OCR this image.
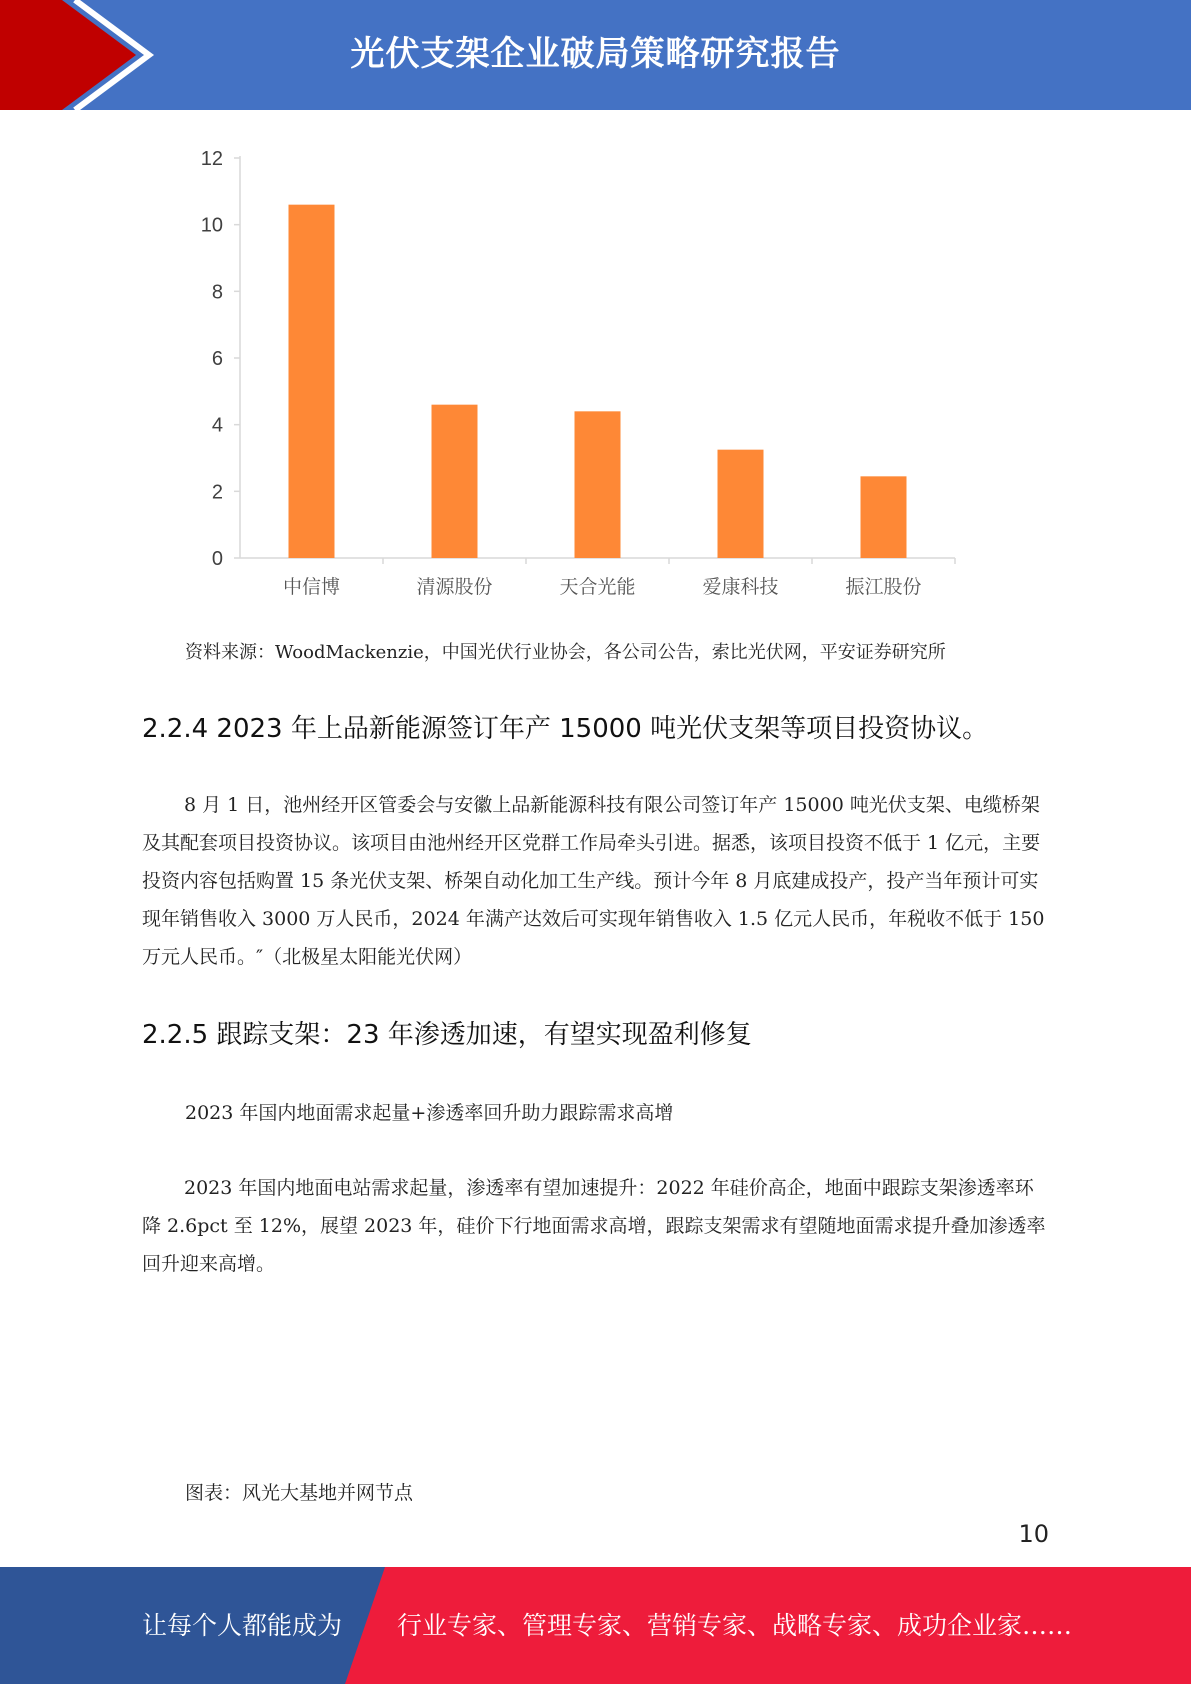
光伏支架企业破局策略研究报告
0
2
4
6
8
10
12
中信博	清源股份	天合光能	爱康科技	振江股份
资料来源：WoodMackenzie，中国光伏行业协会，各公司公告，索比光伏网，平安证券研究所
2.2.4 2023 年上品新能源签订年产 15000 吨光伏支架等项目投资协议。
8 月 1 日，池州经开区管委会与安徽上品新能源科技有限公司签订年产 15000 吨光伏支架、电缆桥架及其配套项目投资协议。该项目由池州经开区党群工作局牵头引进。据悉，该项目投资不低于 1 亿元，主要投资内容包括购置 15 条光伏支架、桥架自动化加工生产线。预计今年 8 月底建成投产，投产当年预计可实现年销售收入 3000 万人民币，2024 年满产达效后可实现年销售收入 1.5 亿元人民币，年税收不低于 150 万元人民币。″（北极星太阳能光伏网）
2.2.5 跟踪支架：23 年渗透加速，有望实现盈利修复
2023 年国内地面需求起量+渗透率回升助力跟踪需求高增
2023 年国内地面电站需求起量，渗透率有望加速提升：2022 年硅价高企，地面中跟踪支架渗透率环降 2.6pct 至 12%，展望 2023 年，硅价下行地面需求高增，跟踪支架需求有望随地面需求提升叠加渗透率回升迎来高增。
图表：风光大基地并网节点
10
让每个人都能成为 行业专家、管理专家、营销专家、战略专家、成功企业家……
